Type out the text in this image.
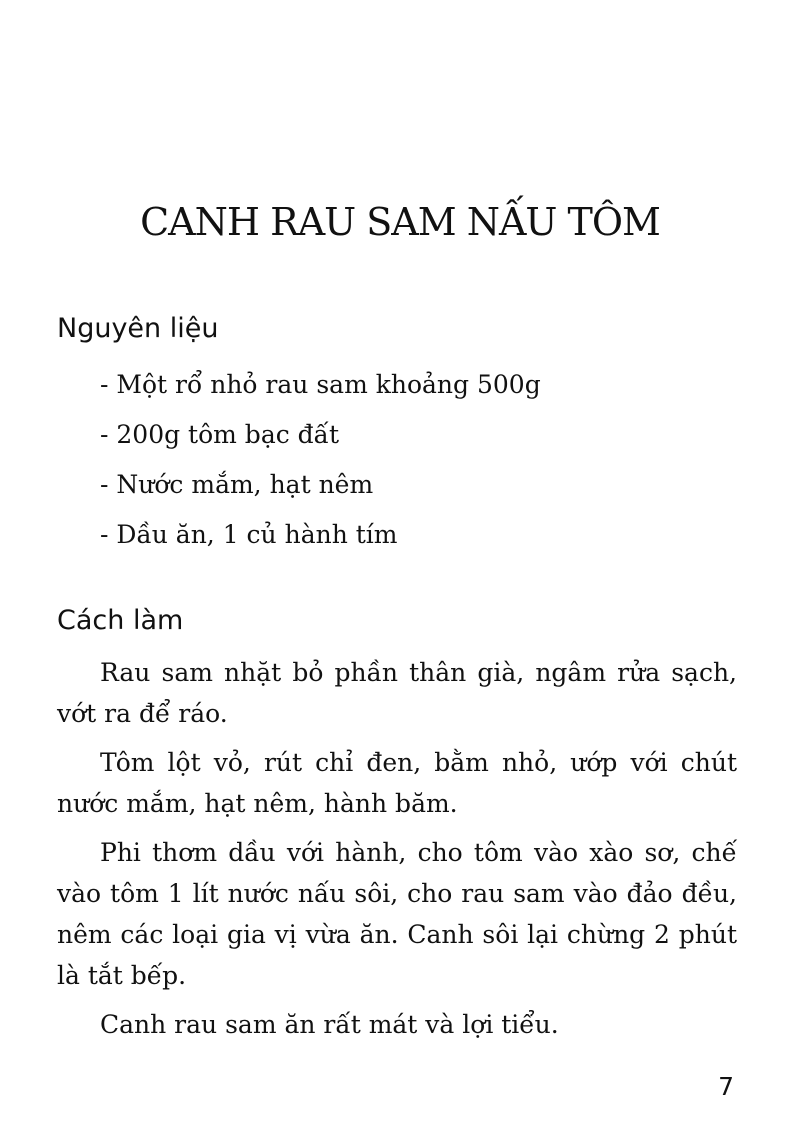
CANH RAU SAM NẤU TÔM
Nguyên liệu
- Một rổ nhỏ rau sam khoảng 500g
- 200g tôm bạc đất
- Nước mắm, hạt nêm
- Dầu ăn, 1 củ hành tím
Cách làm

Rau sam nhặt bỏ phần thân già, ngâm rửa sạch, vớt ra để ráo.

Tôm lột vỏ, rút chỉ đen, bằm nhỏ, ướp với chút nước mắm, hạt nêm, hành băm.

Phi thơm dầu với hành, cho tôm vào xào sơ, chế vào tôm 1 lít nước nấu sôi, cho rau sam vào đảo đều, nêm các loại gia vị vừa ăn. Canh sôi lại chừng 2 phút là tắt bếp.

Canh rau sam ăn rất mát và lợi tiểu.

7
